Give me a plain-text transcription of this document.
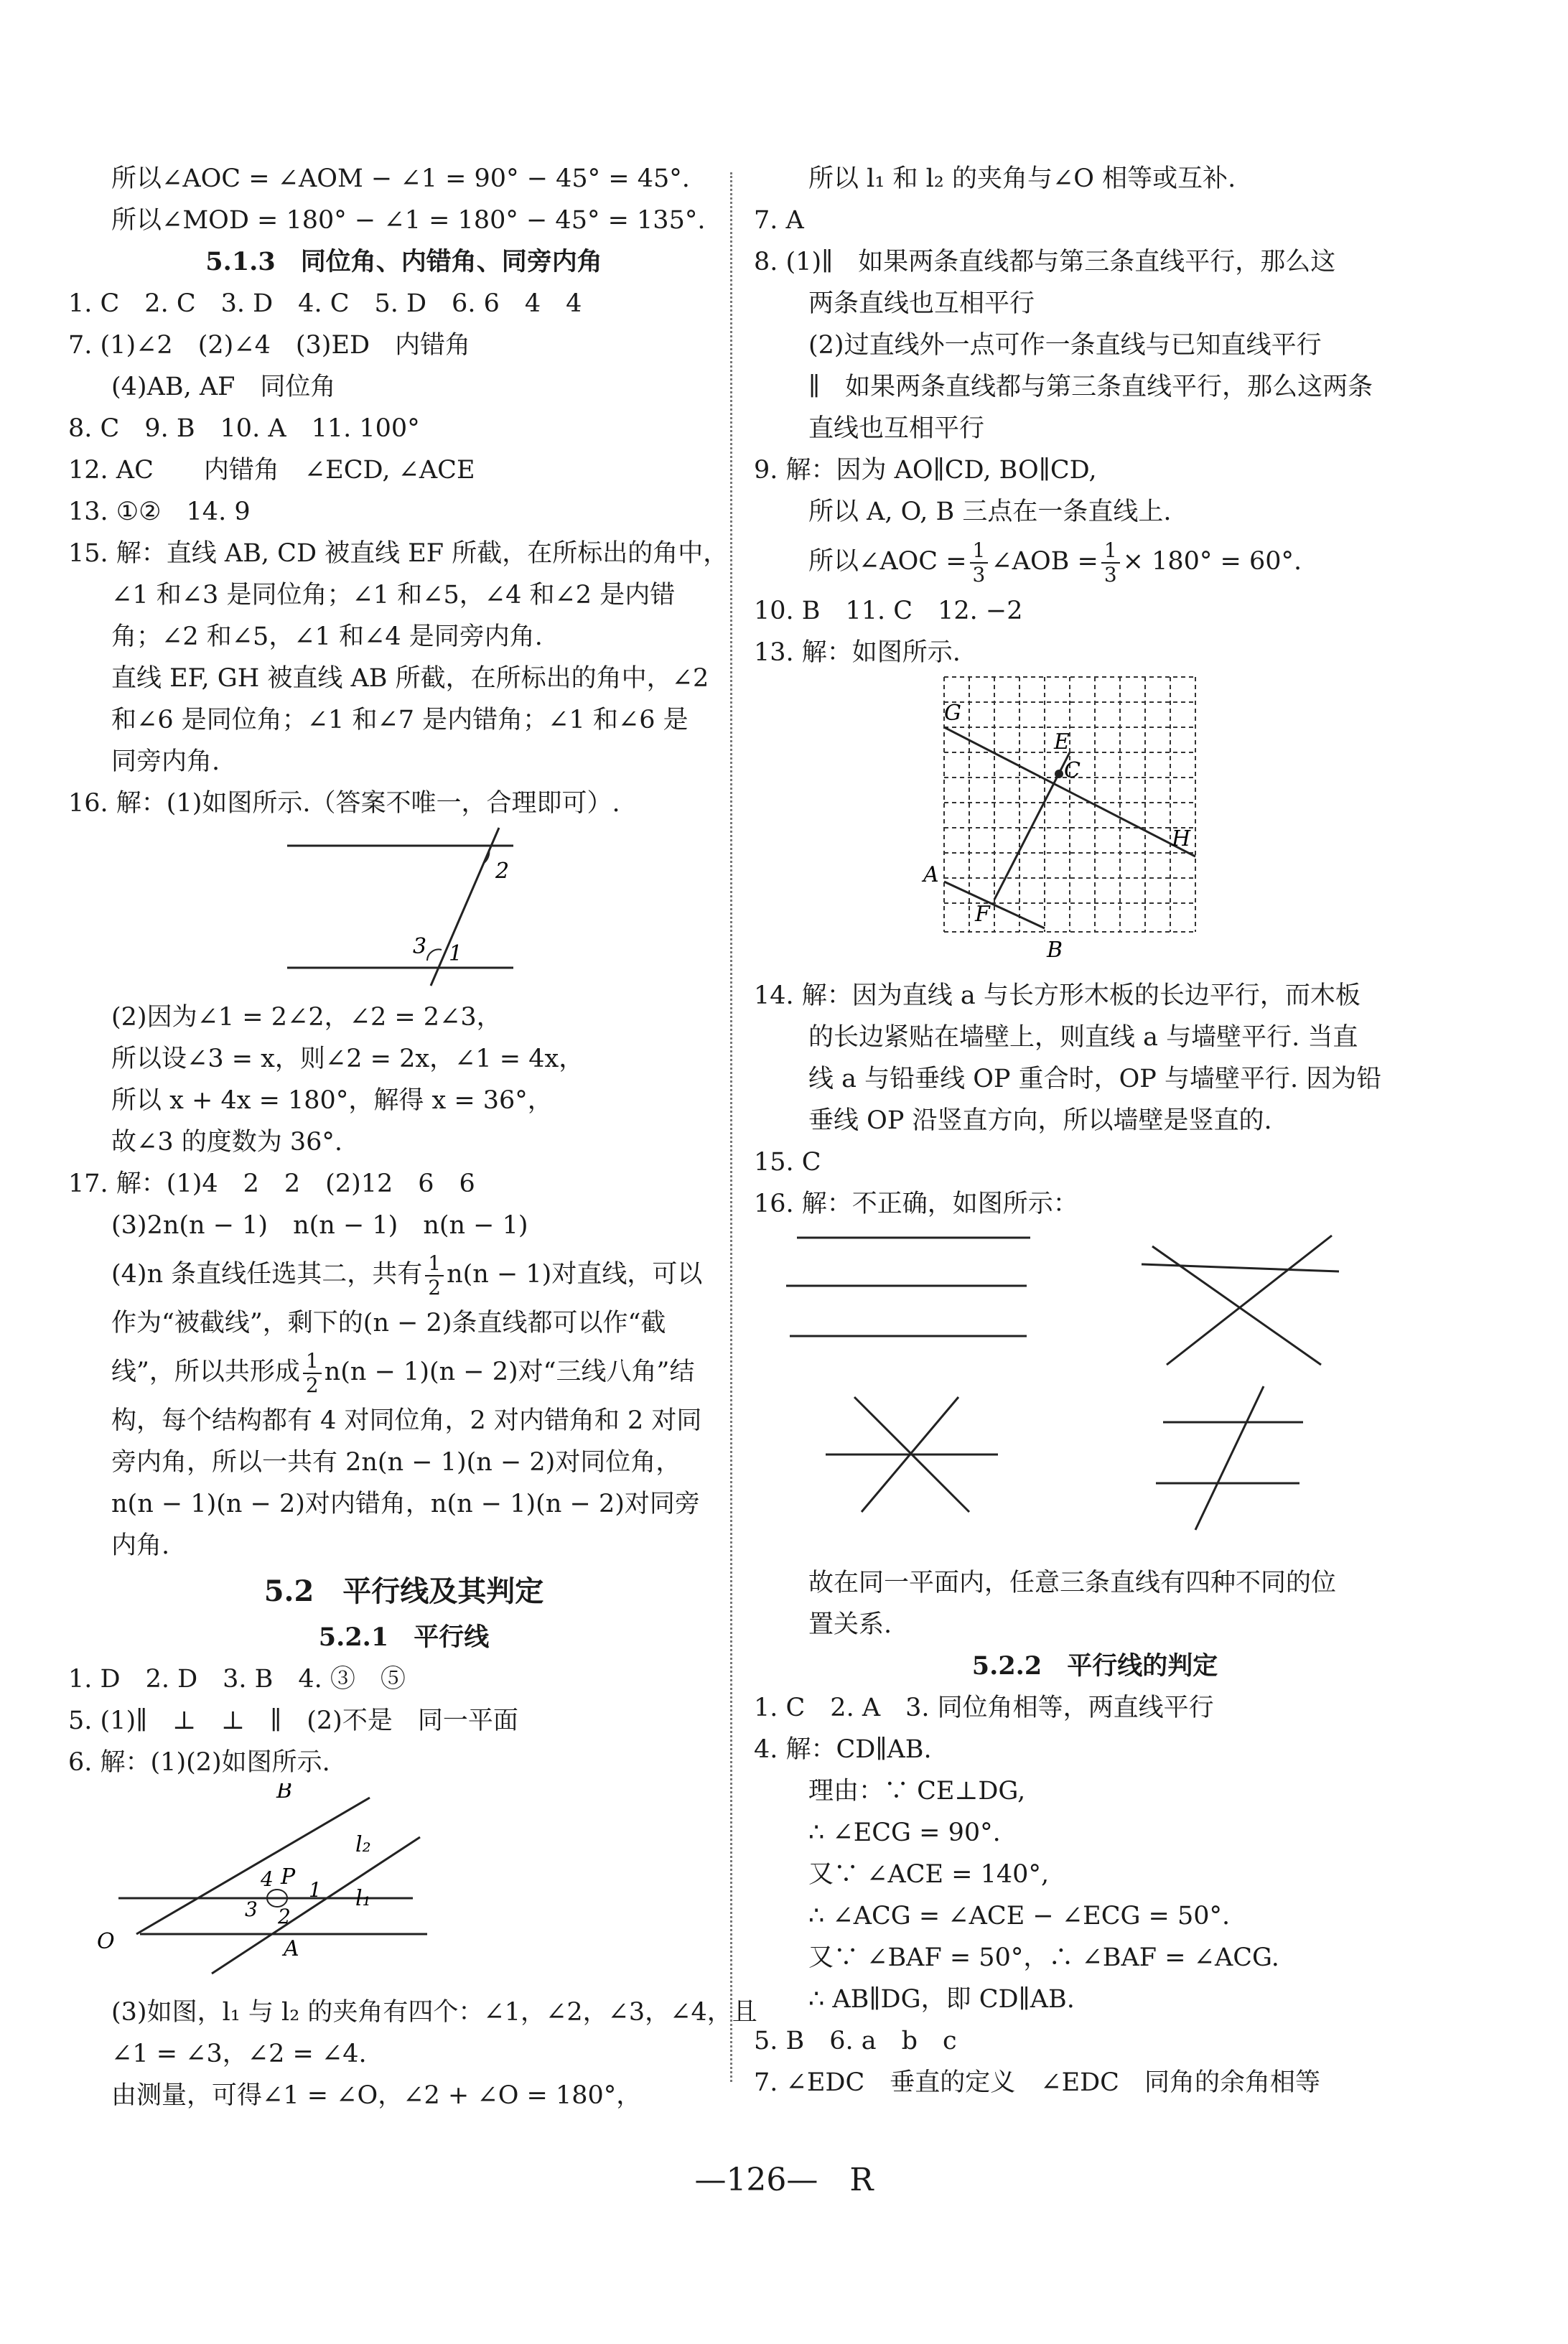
所以∠AOC = ∠AOM − ∠1 = 90° − 45° = 45°.
所以∠MOD = 180° − ∠1 = 180° − 45° = 135°.
5.1.3　同位角、内错角、同旁内角
1. C　2. C　3. D　4. C　5. D　6. 6　4　4
7. (1)∠2　(2)∠4　(3)ED　内错角
(4)AB, AF　同位角
8. C　9. B　10. A　11. 100°
12. AC　　内错角　∠ECD, ∠ACE
13. ①②　14. 9
15. 解：直线 AB, CD 被直线 EF 所截，在所标出的角中，
∠1 和∠3 是同位角；∠1 和∠5，∠4 和∠2 是内错
角；∠2 和∠5，∠1 和∠4 是同旁内角.
直线 EF, GH 被直线 AB 所截，在所标出的角中，∠2
和∠6 是同位角；∠1 和∠7 是内错角；∠1 和∠6 是
同旁内角.
16. 解：(1)如图所示.（答案不唯一，合理即可）.
2
3 1
(2)因为∠1 = 2∠2，∠2 = 2∠3，
所以设∠3 = x，则∠2 = 2x，∠1 = 4x，
所以 x + 4x = 180°，解得 x = 36°，
故∠3 的度数为 36°.
17. 解：(1)4　2　2　(2)12　6　6
(3)2n(n − 1)　n(n − 1)　n(n − 1)
(4)n 条直线任选其二，共有 $\frac{1}{2} n(n - 1)$对直线，可以
作为“被截线”，剩下的(n − 2)条直线都可以作“截
线”，所以共形成 $\frac{1}{2} n(n - 1)(n - 2)$对“三线八角”结
构，每个结构都有 4 对同位角，2 对内错角和 2 对同
旁内角，所以一共有 2n(n − 1)(n − 2)对同位角，
n(n − 1)(n − 2)对内错角，n(n − 1)(n − 2)对同旁
内角.
5.2　平行线及其判定
5.2.1　平行线
1. D　2. D　3. B　4. ③　⑤
5. (1)∥　⊥　⊥　∥　(2)不是　同一平面
6. 解：(1)(2)如图所示.
B
l₂
4 P
1
3 2
l₁
O	A
(3)如图，l₁ 与 l₂ 的夹角有四个：∠1，∠2，∠3，∠4，且
∠1 = ∠3，∠2 = ∠4.
由测量，可得∠1 = ∠O，∠2 + ∠O = 180°，
所以 l₁ 和 l₂ 的夹角与∠O 相等或互补.
7. A
8. (1)∥　如果两条直线都与第三条直线平行，那么这
两条直线也互相平行
(2)过直线外一点可作一条直线与已知直线平行
∥　如果两条直线都与第三条直线平行，那么这两条
直线也互相平行
9. 解：因为 AO∥CD, BO∥CD,
所以 A, O, B 三点在一条直线上.
所以∠AOC = $\frac{1}{3}$ ∠AOB = $\frac{1}{3} \times 180^\circ = 60^\circ$.
10. B　11. C　12. −2
13. 解：如图所示.
G
E
C
H
A
F
B
14. 解：因为直线 a 与长方形木板的长边平行，而木板
的长边紧贴在墙壁上，则直线 a 与墙壁平行. 当直
线 a 与铅垂线 OP 重合时，OP 与墙壁平行. 因为铅
垂线 OP 沿竖直方向，所以墙壁是竖直的.
15. C
16. 解：不正确，如图所示：
故在同一平面内，任意三条直线有四种不同的位
置关系.
5.2.2　平行线的判定
1. C　2. A　3. 同位角相等，两直线平行
4. 解：CD∥AB.
理由：∵ CE⊥DG,
∴ ∠ECG = 90°.
又∵ ∠ACE = 140°,
∴ ∠ACG = ∠ACE − ∠ECG = 50°.
又∵ ∠BAF = 50°，∴ ∠BAF = ∠ACG.
∴ AB∥DG，即 CD∥AB.
5. B　6. a　b　c
7. ∠EDC　垂直的定义　∠EDC　同角的余角相等
—126—　R
